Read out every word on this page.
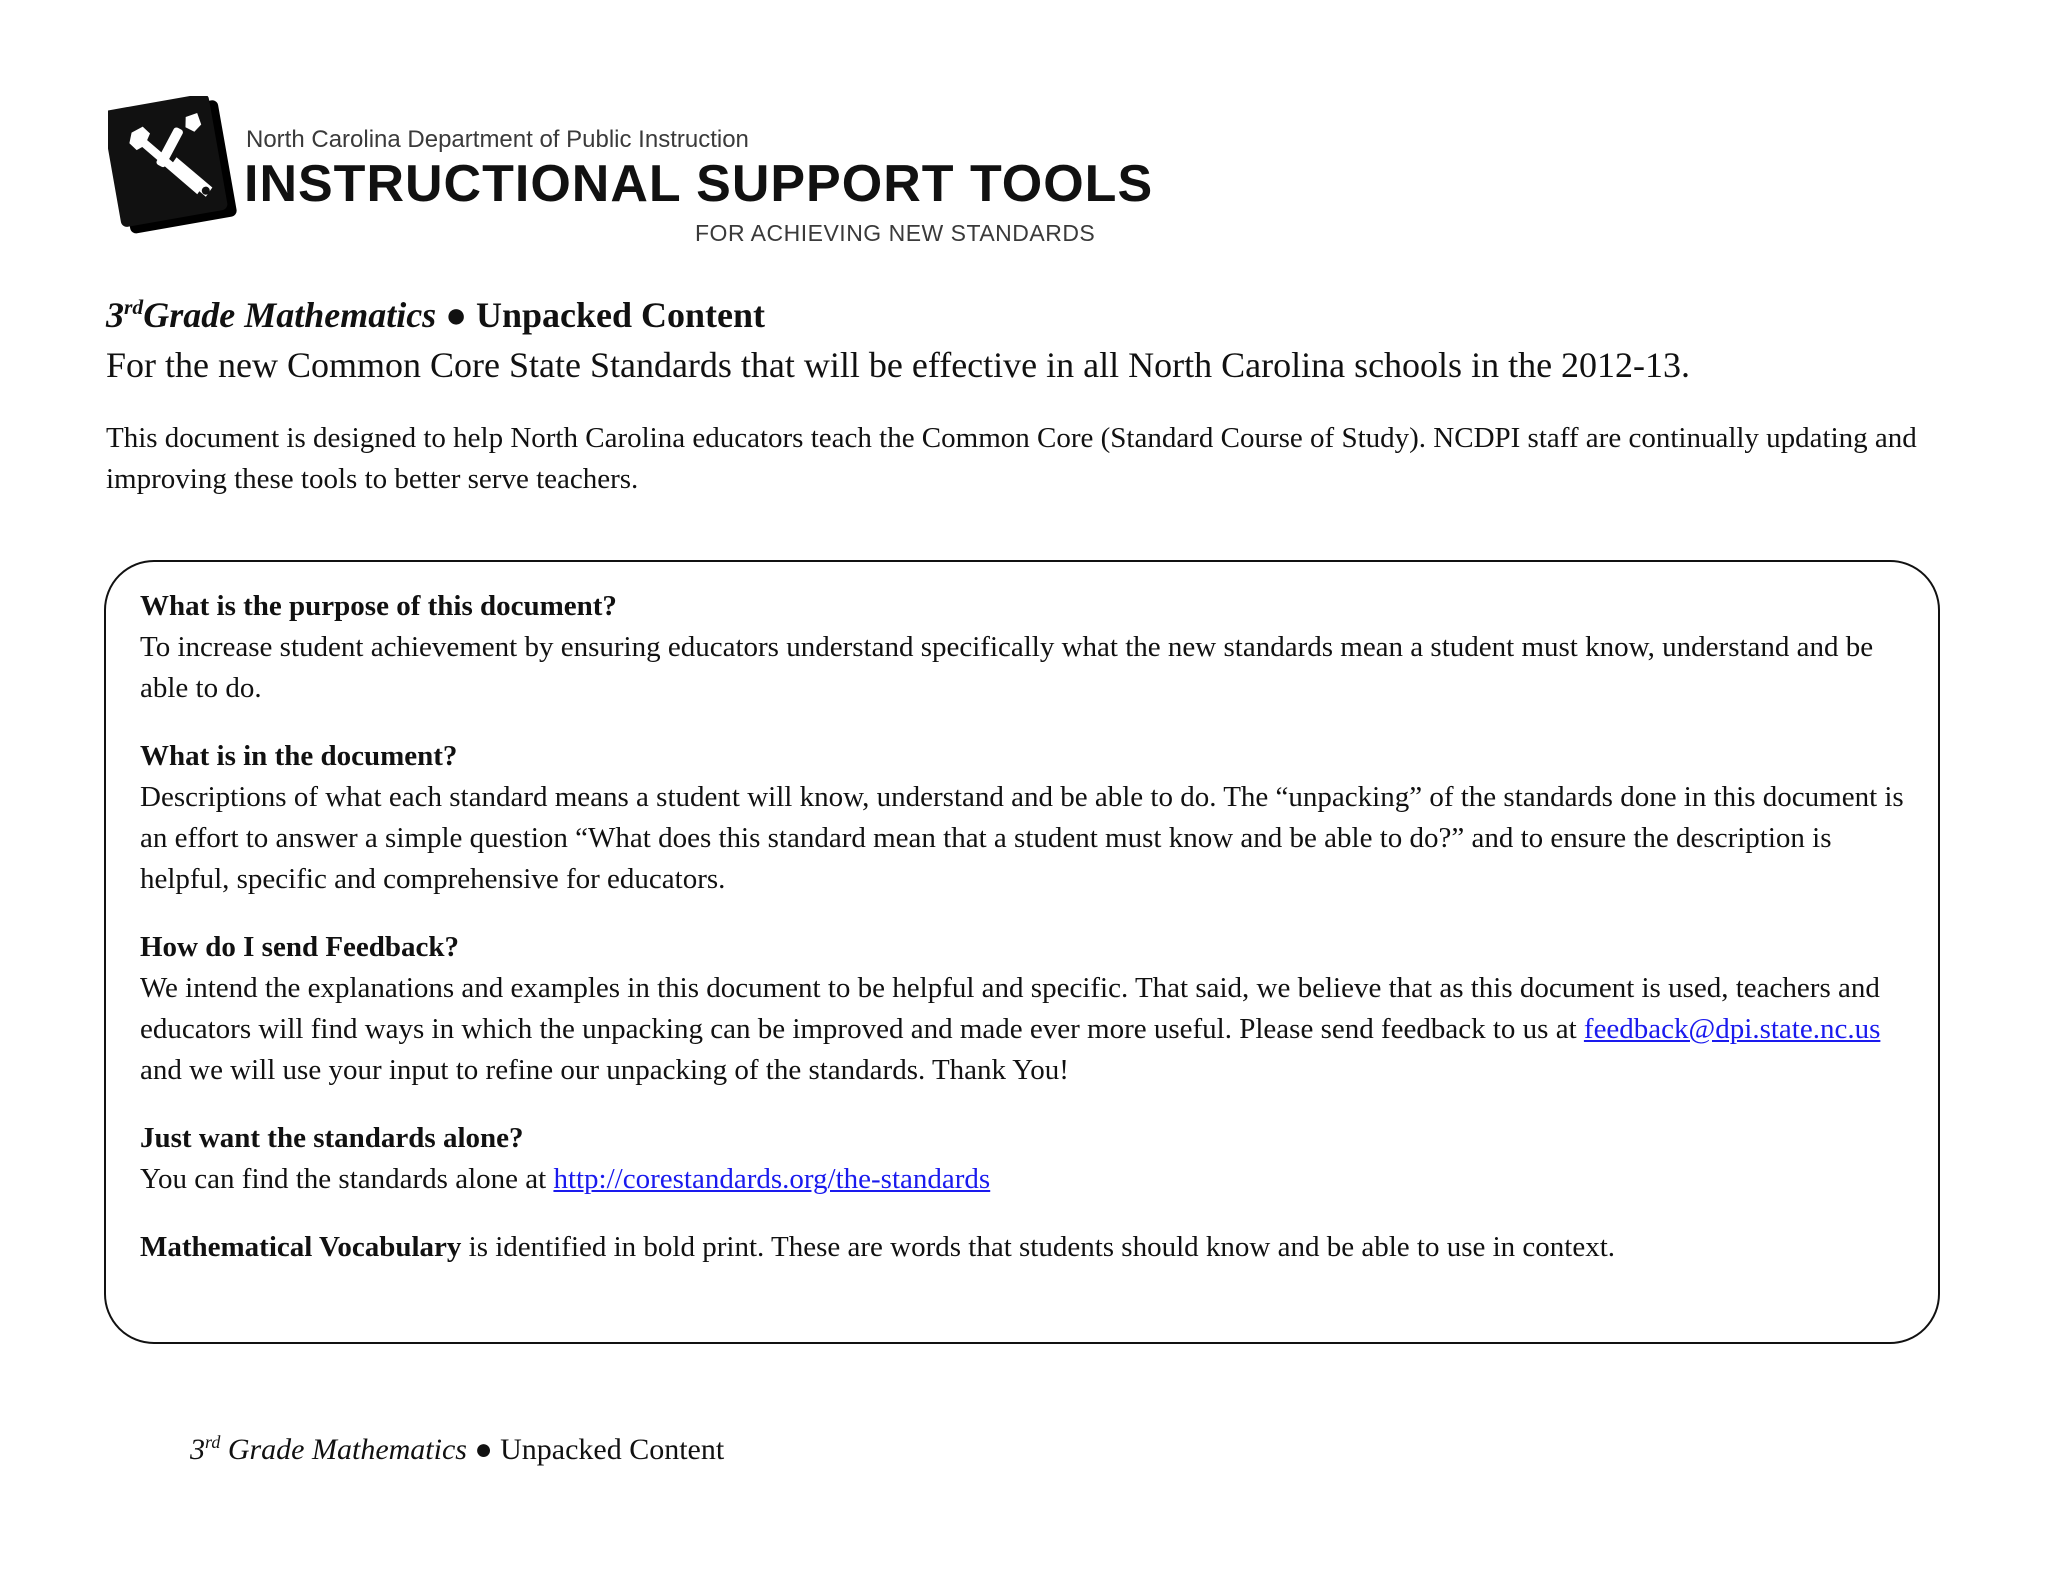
North Carolina Department of Public Instruction
INSTRUCTIONAL SUPPORT TOOLS
FOR ACHIEVING NEW STANDARDS
3rdGrade Mathematics ● Unpacked Content
For the new Common Core State Standards that will be effective in all North Carolina schools in the 2012-13.
This document is designed to help North Carolina educators teach the Common Core (Standard Course of Study). NCDPI staff are continually updating and improving these tools to better serve teachers.
What is the purpose of this document?
To increase student achievement by ensuring educators understand specifically what the new standards mean a student must know, understand and be able to do.
What is in the document?
Descriptions of what each standard means a student will know, understand and be able to do. The “unpacking” of the standards done in this document is an effort to answer a simple question “What does this standard mean that a student must know and be able to do?” and to ensure the description is helpful, specific and comprehensive for educators.
How do I send Feedback?
We intend the explanations and examples in this document to be helpful and specific. That said, we believe that as this document is used, teachers and educators will find ways in which the unpacking can be improved and made ever more useful. Please send feedback to us at feedback@dpi.state.nc.us and we will use your input to refine our unpacking of the standards. Thank You!
Just want the standards alone?
You can find the standards alone at http://corestandards.org/the-standards
Mathematical Vocabulary is identified in bold print. These are words that students should know and be able to use in context.
3rd Grade Mathematics ● Unpacked Content
